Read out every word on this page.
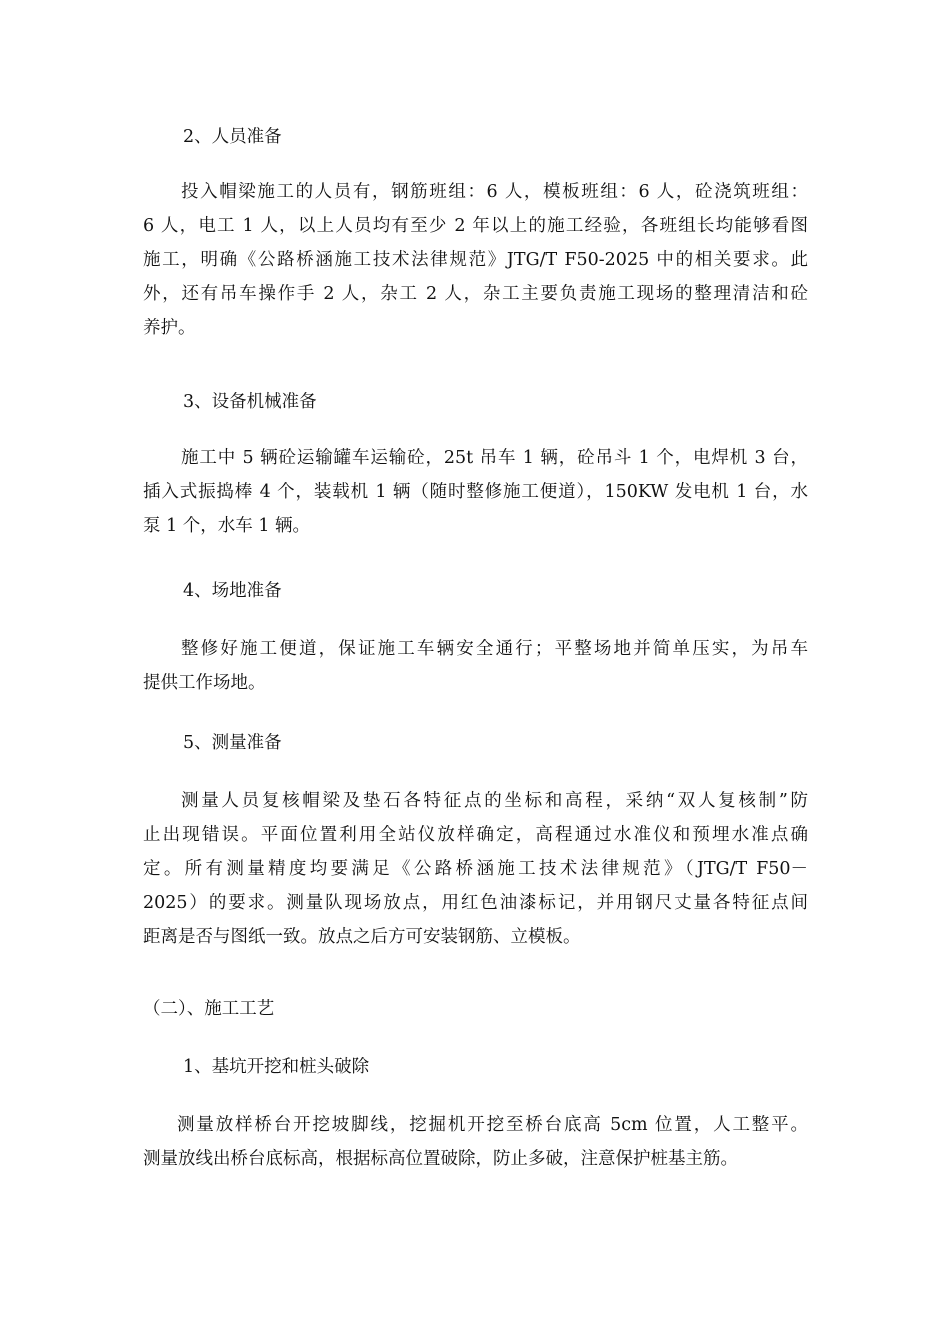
2、人员准备
投入帽梁施工的人员有，钢筋班组：6 人，模板班组：6 人，砼浇筑班组：
6 人，电工 1 人，以上人员均有至少 2 年以上的施工经验，各班组长均能够看图
施工，明确《公路桥涵施工技术法律规范》JTG/T F50-2025 中的相关要求。此
外，还有吊车操作手 2 人，杂工 2 人，杂工主要负责施工现场的整理清洁和砼
养护。
3、设备机械准备
施工中 5 辆砼运输罐车运输砼，25t 吊车 1 辆，砼吊斗 1 个，电焊机 3 台，
插入式振捣棒 4 个，装载机 1 辆（随时整修施工便道），150KW 发电机 1 台，水
泵 1 个，水车 1 辆。
4、场地准备
整修好施工便道，保证施工车辆安全通行；平整场地并简单压实，为吊车
提供工作场地。
5、测量准备
测量人员复核帽梁及垫石各特征点的坐标和高程，采纳“双人复核制”防
止出现错误。平面位置利用全站仪放样确定，高程通过水准仪和预埋水准点确
定。所有测量精度均要满足《公路桥涵施工技术法律规范》（JTG/T F50－
2025）的要求。测量队现场放点，用红色油漆标记，并用钢尺丈量各特征点间
距离是否与图纸一致。放点之后方可安装钢筋、立模板。
（二）、施工工艺
1、基坑开挖和桩头破除
测量放样桥台开挖坡脚线，挖掘机开挖至桥台底高 5cm 位置，人工整平。
测量放线出桥台底标高，根据标高位置破除，防止多破，注意保护桩基主筋。
